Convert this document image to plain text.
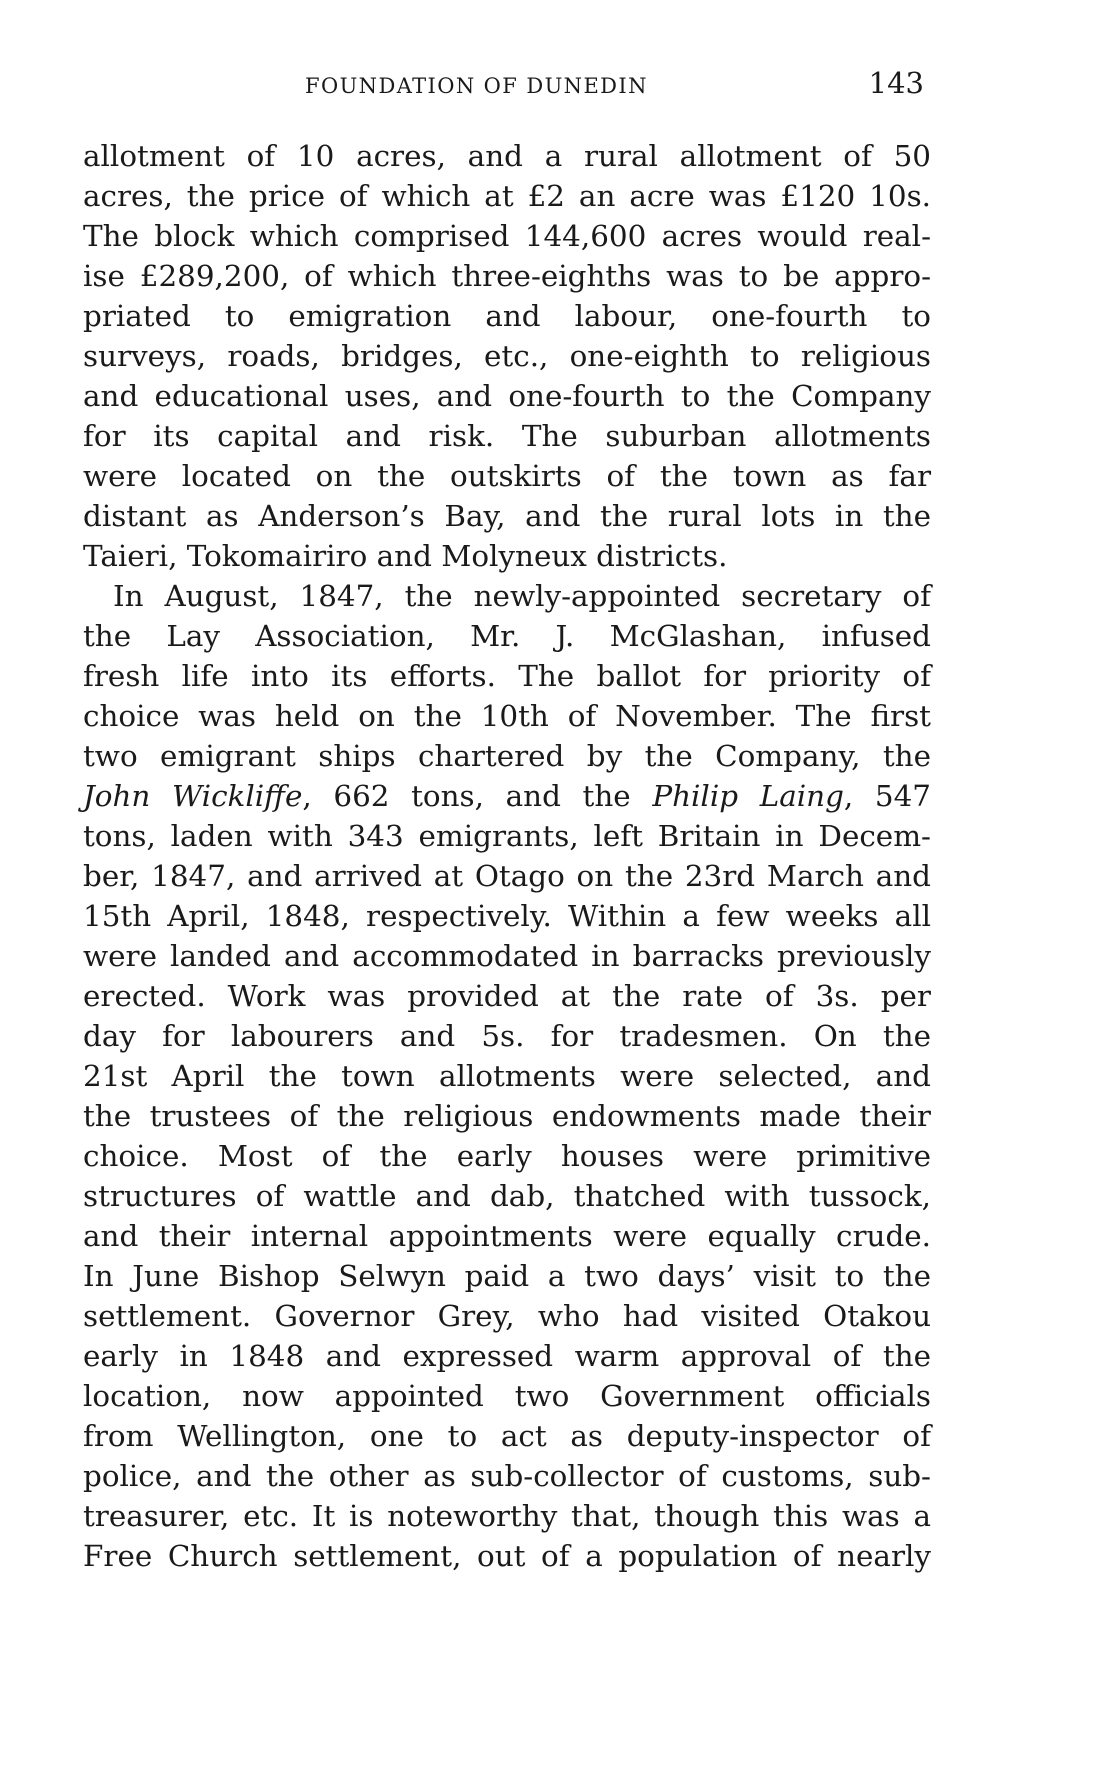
FOUNDATION OF DUNEDIN	143
allotment of 10 acres, and a rural allotment of 50
acres, the price of which at £2 an acre was £120 10s.
The block which comprised 144,600 acres would real-
ise £289,200, of which three-eighths was to be appro-
priated to emigration and labour, one-fourth to
surveys, roads, bridges, etc., one-eighth to religious
and educational uses, and one-fourth to the Company
for its capital and risk. The suburban allotments
were located on the outskirts of the town as far
distant as Anderson’s Bay, and the rural lots in the
Taieri, Tokomairiro and Molyneux districts.
In August, 1847, the newly-appointed secretary of
the Lay Association, Mr. J. McGlashan, infused
fresh life into its efforts. The ballot for priority of
choice was held on the 10th of November. The first
two emigrant ships chartered by the Company, the
John Wickliffe, 662 tons, and the Philip Laing, 547
tons, laden with 343 emigrants, left Britain in Decem-
ber, 1847, and arrived at Otago on the 23rd March and
15th April, 1848, respectively. Within a few weeks all
were landed and accommodated in barracks previously
erected. Work was provided at the rate of 3s. per
day for labourers and 5s. for tradesmen. On the
21st April the town allotments were selected, and
the trustees of the religious endowments made their
choice. Most of the early houses were primitive
structures of wattle and dab, thatched with tussock,
and their internal appointments were equally crude.
In June Bishop Selwyn paid a two days’ visit to the
settlement. Governor Grey, who had visited Otakou
early in 1848 and expressed warm approval of the
location, now appointed two Government officials
from Wellington, one to act as deputy-inspector of
police, and the other as sub-collector of customs, sub-
treasurer, etc. It is noteworthy that, though this was a
Free Church settlement, out of a population of nearly
